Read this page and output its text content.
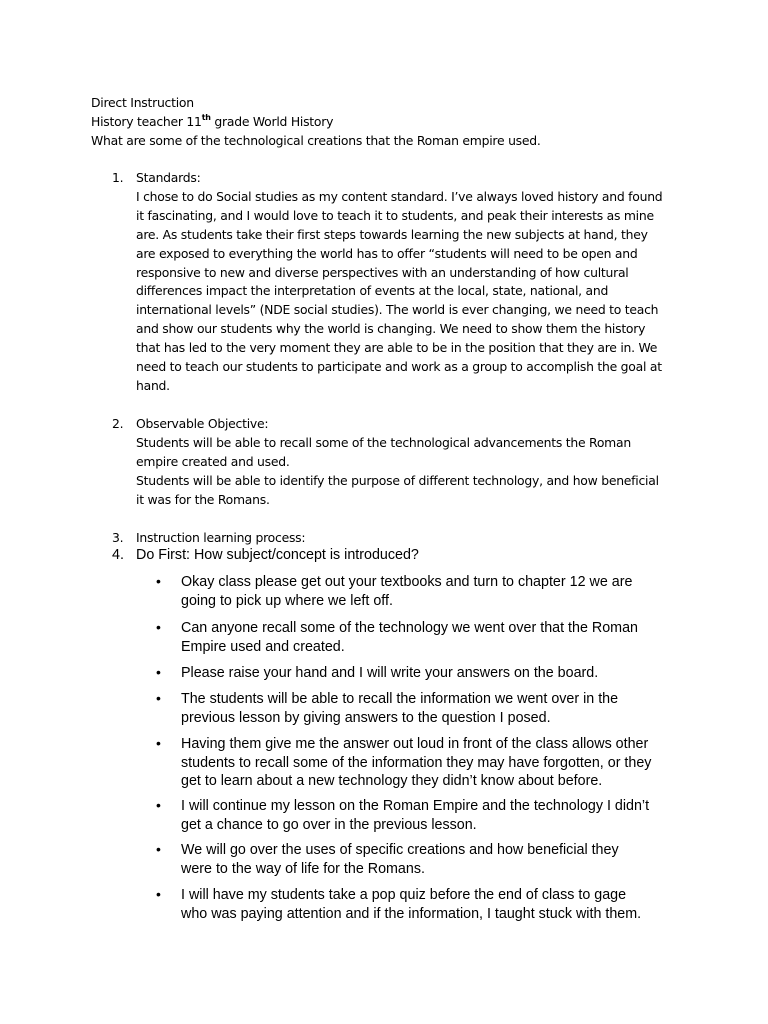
Direct Instruction
History teacher 11th grade World History
What are some of the technological creations that the Roman empire used.
1. Standards:

I chose to do Social studies as my content standard. I’ve always loved history and found

it fascinating, and I would love to teach it to students, and peak their interests as mine

are. As students take their first steps towards learning the new subjects at hand, they

are exposed to everything the world has to offer “students will need to be open and

responsive to new and diverse perspectives with an understanding of how cultural

differences impact the interpretation of events at the local, state, national, and

international levels” (NDE social studies). The world is ever changing, we need to teach

and show our students why the world is changing. We need to show them the history

that has led to the very moment they are able to be in the position that they are in. We

need to teach our students to participate and work as a group to accomplish the goal at

hand.

2. Observable Objective:

Students will be able to recall some of the technological advancements the Roman

empire created and used.

Students will be able to identify the purpose of different technology, and how beneficial

it was for the Romans.

3. Instruction learning process:
4. Do First: How subject/concept is introduced?
• Okay class please get out your textbooks and turn to chapter 12 we are
going to pick up where we left off.
• Can anyone recall some of the technology we went over that the Roman
Empire used and created.
• Please raise your hand and I will write your answers on the board.
• The students will be able to recall the information we went over in the
previous lesson by giving answers to the question I posed.
• Having them give me the answer out loud in front of the class allows other
students to recall some of the information they may have forgotten, or they
get to learn about a new technology they didn’t know about before.
• I will continue my lesson on the Roman Empire and the technology I didn’t
get a chance to go over in the previous lesson.
• We will go over the uses of specific creations and how beneficial they
were to the way of life for the Romans.
• I will have my students take a pop quiz before the end of class to gage
who was paying attention and if the information, I taught stuck with them.
